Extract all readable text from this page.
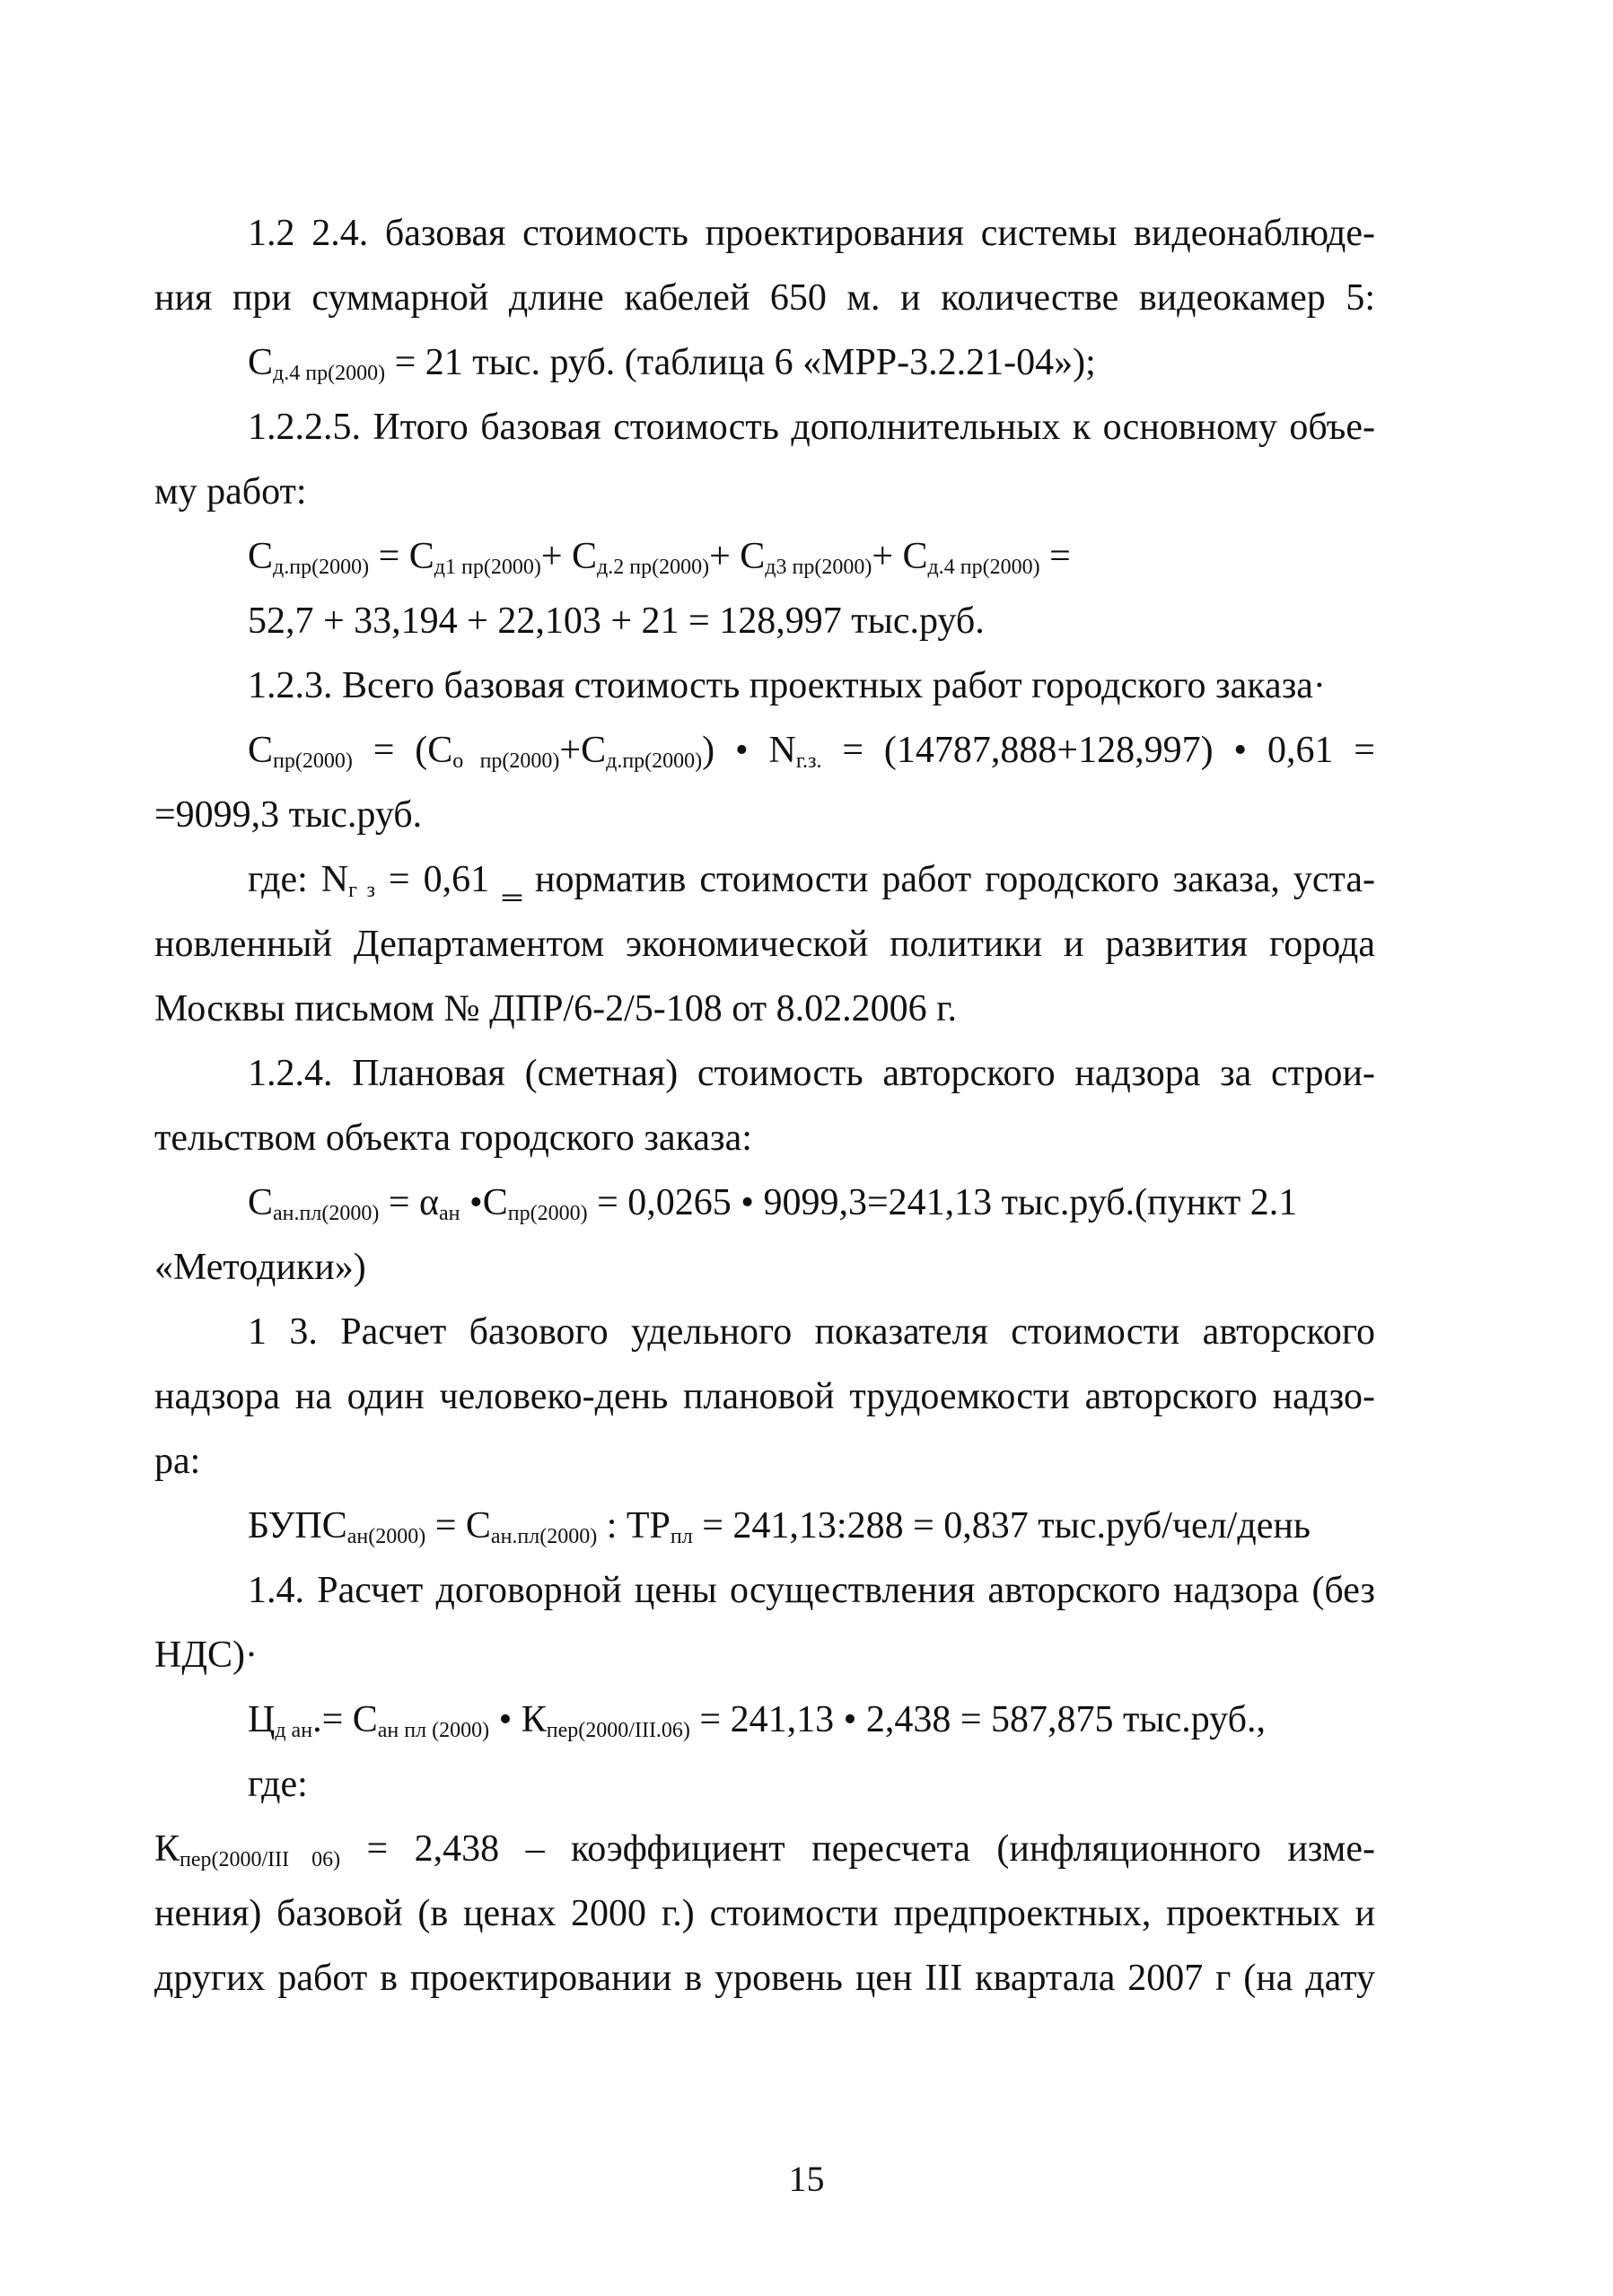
1.2 2.4. базовая стоимость проектирования системы видеонаблюде-
ния при суммарной длине кабелей 650 м. и количестве видеокамер 5:
$С_{д.4 пр(2000)} = 21$ тыс. руб. (таблица 6 «МРР-3.2.21-04»);
1.2.2.5. Итого базовая стоимость дополнительных к основному объе-
му работ:
$С_{д.пр(2000)} = С_{д1 пр(2000)}+ С_{д.2 пр(2000)}+ С_{д3 пр(2000)}+ С_{д.4 пр(2000)}$ =
52,7 + 33,194 + 22,103 + 21 = 128,997 тыс.руб.
1.2.3. Всего базовая стоимость проектных работ городского заказа·
$С_{пр(2000)} = (С_{о пр(2000)}+С_{д.пр(2000)})$ • $N_{г.з.} = (14787,888+128,997)$ • 0,61 =
=9099,3 тыс.руб.
где: $N_{г з} = 0,61$ ‗ норматив стоимости работ городского заказа, уста-
новленный Департаментом экономической политики и развития города
Москвы письмом № ДПР/6-2/5-108 от 8.02.2006 г.
1.2.4. Плановая (сметная) стоимость авторского надзора за строи-
тельством объекта городского заказа:
$С_{ан.пл(2000)} = \alpha_{ан}$ $•С_{пр(2000)} = 0,0265$ • 9099,3=241,13 тыс.руб.(пункт 2.1
«Методики»)
1 3. Расчет базового удельного показателя стоимости авторского
надзора на один человеко-день плановой трудоемкости авторского надзо-
ра:
$БУПС_{ан(2000)} = С_{ан.пл(2000)}$ : $ТР_{пл}$ = 241,13:288 = 0,837 тыс.руб/чел/день
1.4. Расчет договорной цены осуществления авторского надзора (без
НДС)·
$Ц_{д ан}.= С_{ан пл (2000)}$ • $К_{пер(2000/III.06)} = 241,13$ • 2,438 = 587,875 тыс.руб.,
где:
$К_{пер(2000/III 06)} = 2,438$ – коэффициент пересчета (инфляционного изме-
нения) базовой (в ценах 2000 г.) стоимости предпроектных, проектных и
других работ в проектировании в уровень цен III квартала 2007 г (на дату
15
